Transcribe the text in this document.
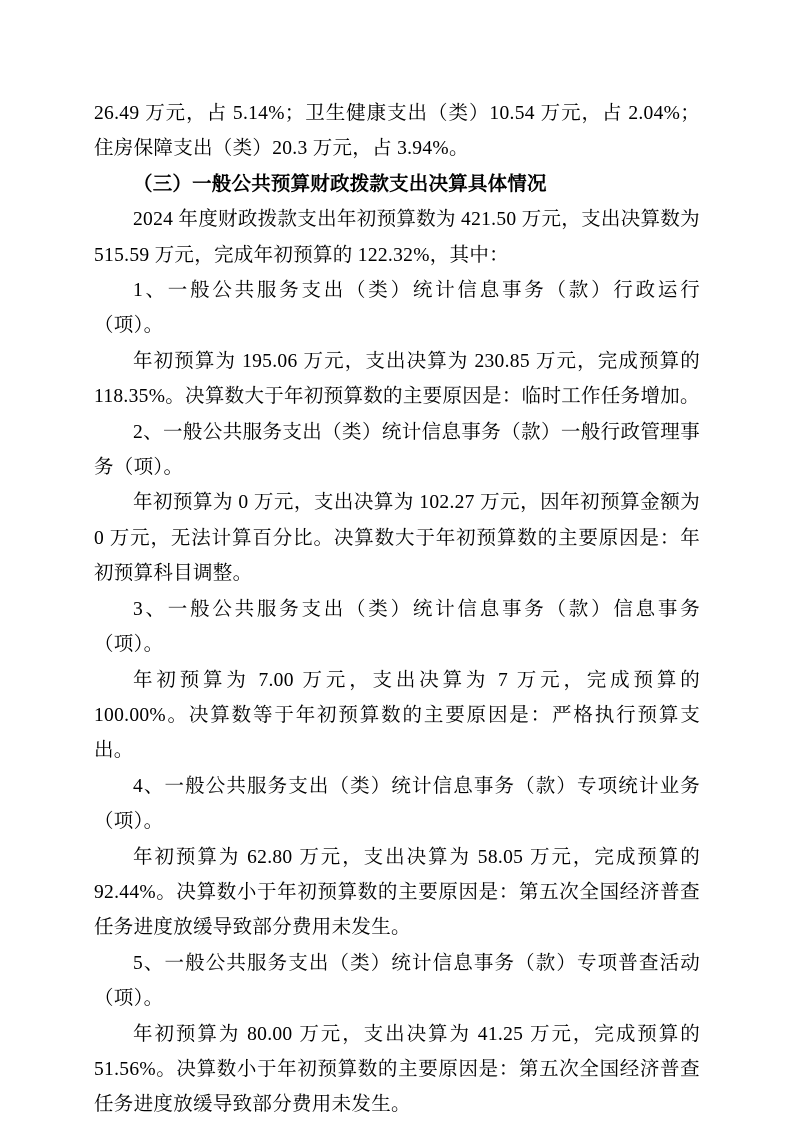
26.49 万元，占 5.14%；卫生健康支出（类）10.54 万元，占 2.04%；住房保障支出（类）20.3 万元，占 3.94%。

（三）一般公共预算财政拨款支出决算具体情况

2024 年度财政拨款支出年初预算数为 421.50 万元，支出决算数为 515.59 万元，完成年初预算的 122.32%，其中：

1、一般公共服务支出（类）统计信息事务（款）行政运行（项）。

年初预算为 195.06 万元，支出决算为 230.85 万元，完成预算的 118.35%。决算数大于年初预算数的主要原因是：临时工作任务增加。

2、一般公共服务支出（类）统计信息事务（款）一般行政管理事务（项）。

年初预算为 0 万元，支出决算为 102.27 万元，因年初预算金额为 0 万元，无法计算百分比。决算数大于年初预算数的主要原因是：年初预算科目调整。

3、一般公共服务支出（类）统计信息事务（款）信息事务（项）。

年初预算为 7.00 万元，支出决算为 7 万元，完成预算的 100.00%。决算数等于年初预算数的主要原因是：严格执行预算支出。

4、一般公共服务支出（类）统计信息事务（款）专项统计业务（项）。

年初预算为 62.80 万元，支出决算为 58.05 万元，完成预算的 92.44%。决算数小于年初预算数的主要原因是：第五次全国经济普查任务进度放缓导致部分费用未发生。

5、一般公共服务支出（类）统计信息事务（款）专项普查活动（项）。

年初预算为 80.00 万元，支出决算为 41.25 万元，完成预算的 51.56%。决算数小于年初预算数的主要原因是：第五次全国经济普查任务进度放缓导致部分费用未发生。
